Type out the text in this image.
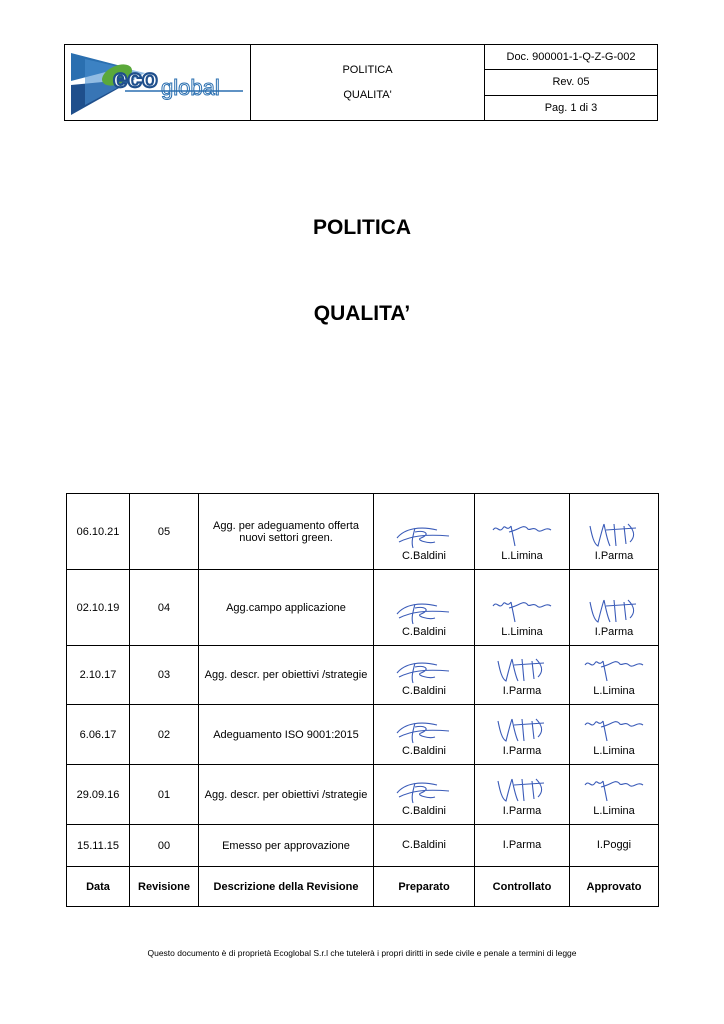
eco global
POLITICA
QUALITA'
Doc. 900001-1-Q-Z-G-002
Rev. 05
Pag. 1 di 3
POLITICA
QUALITA’
06.10.21	05	Agg. per adeguamento offerta nuovi settori green.	C.Baldini	L.Limina	I.Parma

02.10.19	04	Agg.campo applicazione	C.Baldini	L.Limina	I.Parma

2.10.17	03	Agg. descr. per obiettivi /strategie	C.Baldini	I.Parma	L.Limina

6.06.17	02	Adeguamento ISO 9001:2015	C.Baldini	I.Parma	L.Limina

29.09.16	01	Agg. descr. per obiettivi /strategie	C.Baldini	I.Parma	L.Limina

15.11.15	00	Emesso per approvazione	C.Baldini	I.Parma	I.Poggi

Data	Revisione	Descrizione della Revisione	Preparato	Controllato	Approvato
Questo documento è di proprietà Ecoglobal S.r.l che tutelerà i propri diritti in sede civile e penale a termini di legge
